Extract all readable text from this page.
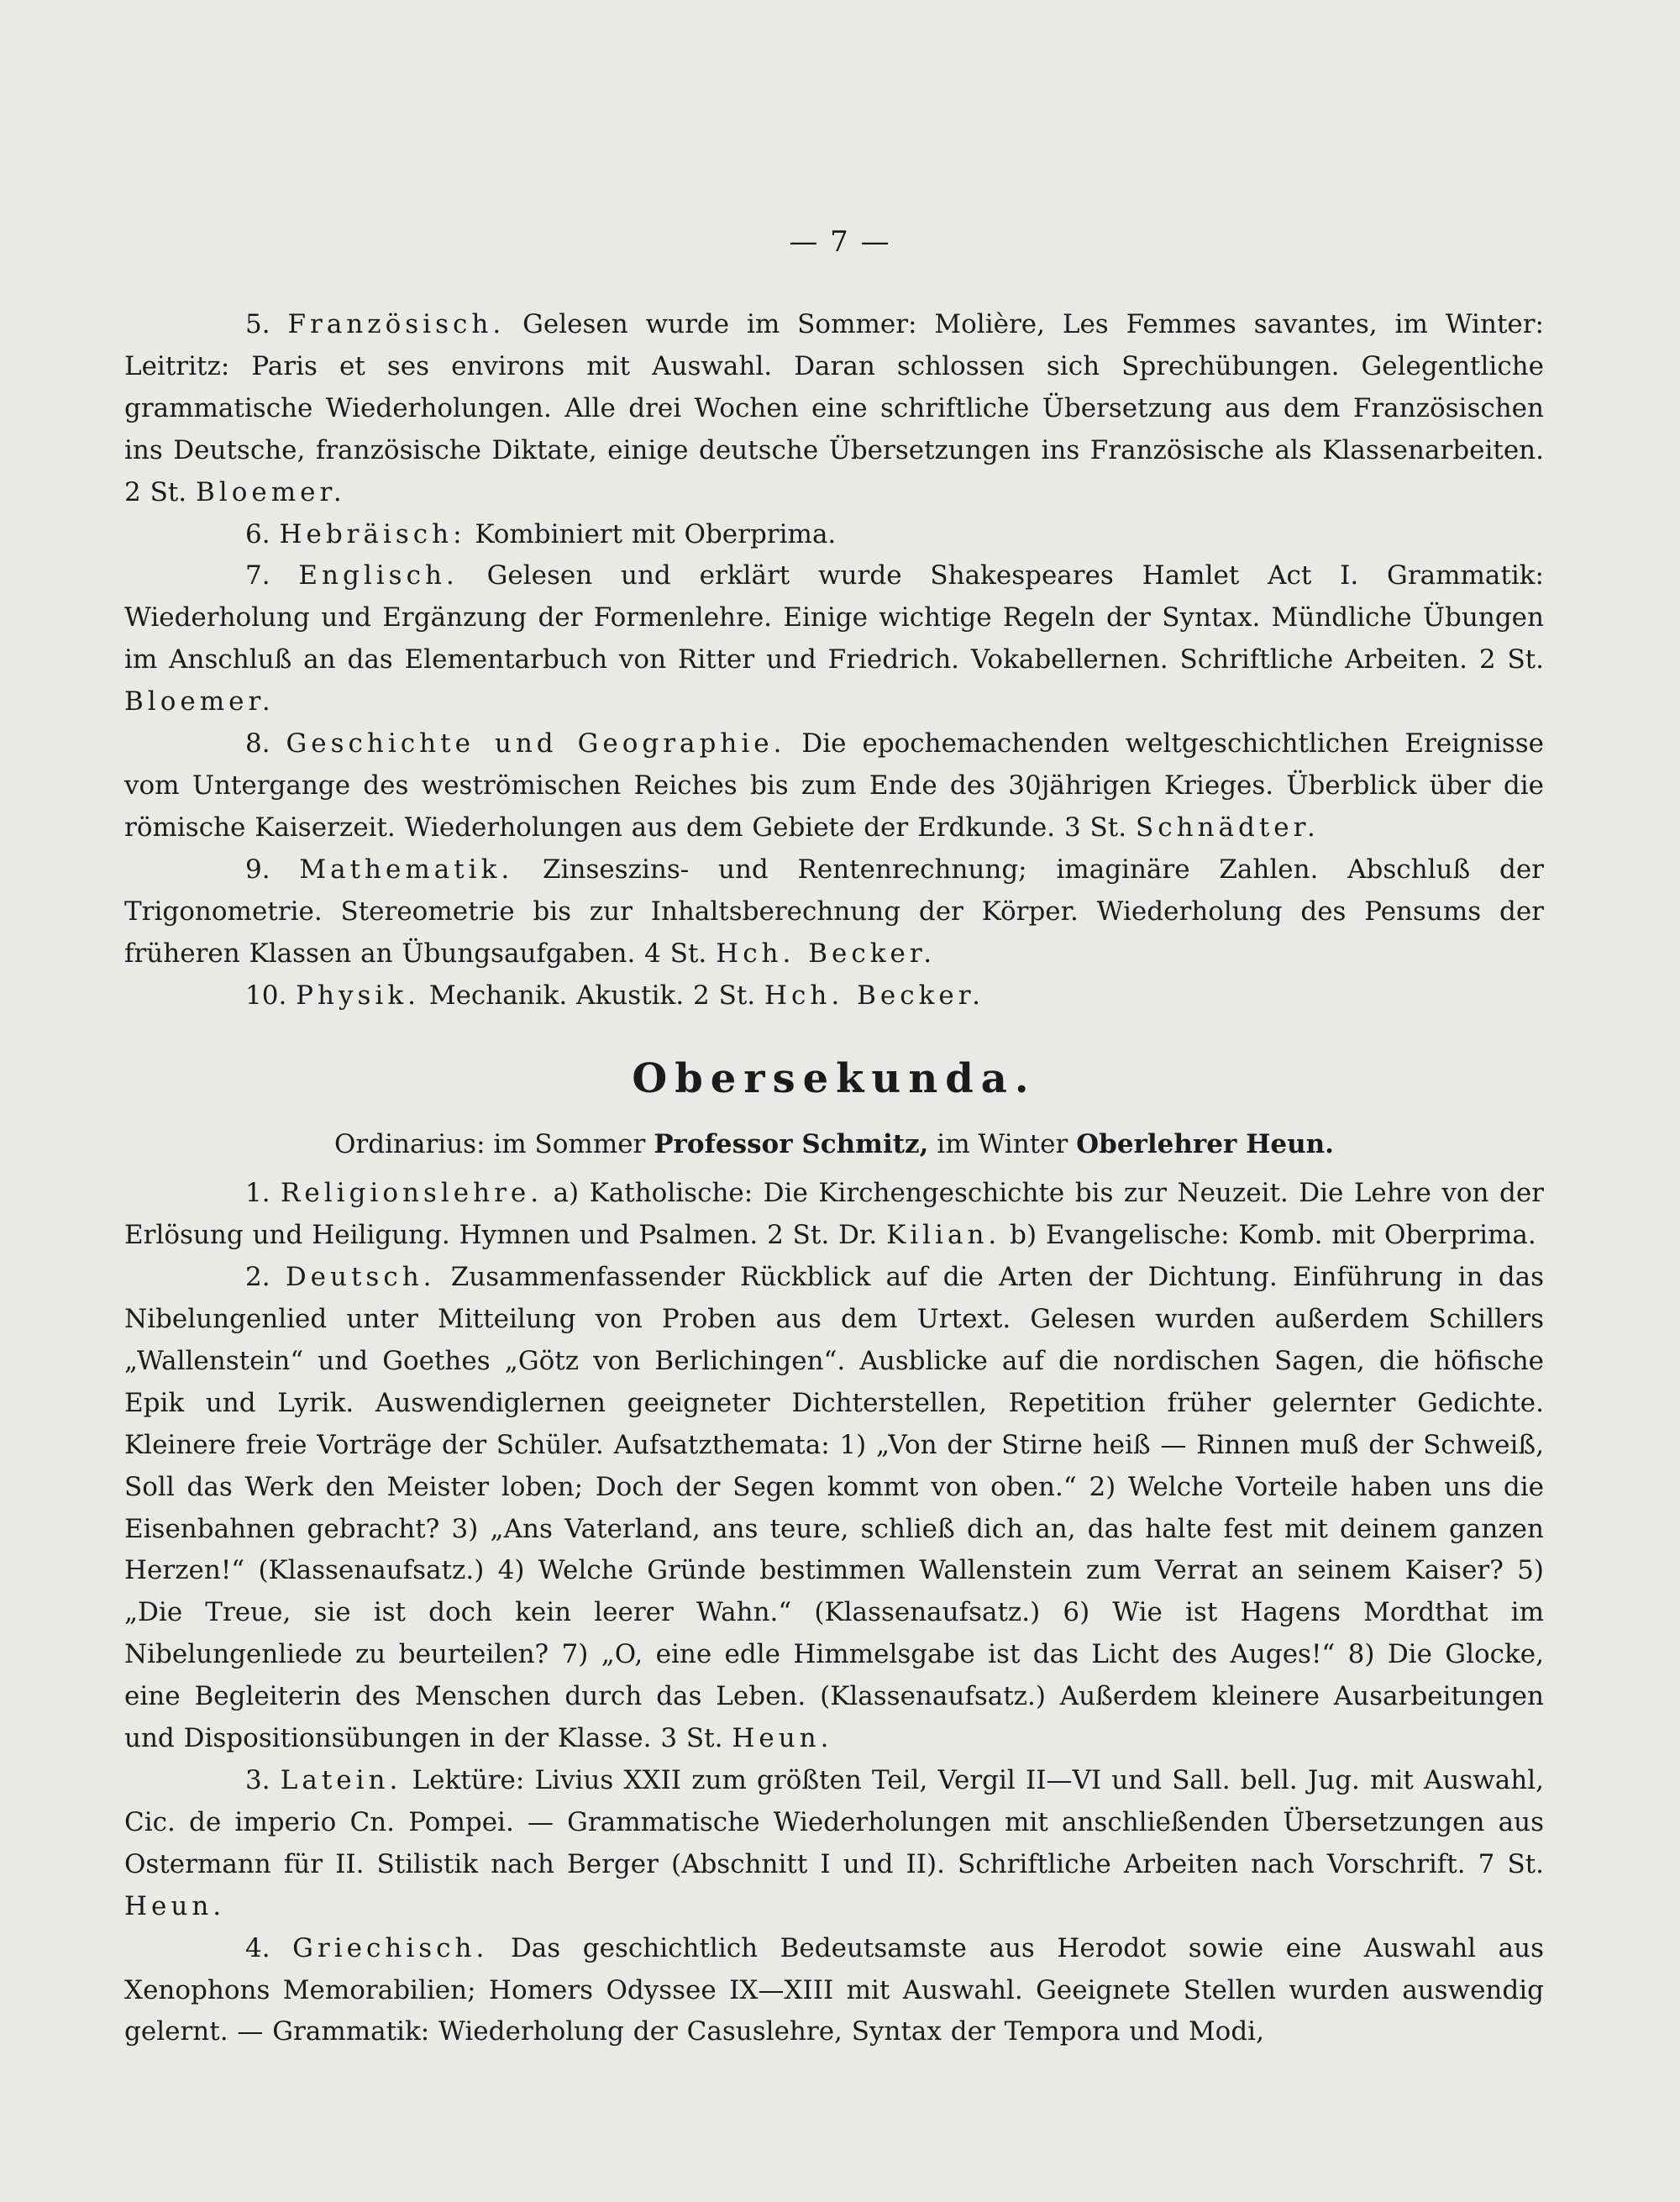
— 7 —

5. Französisch. Gelesen wurde im Sommer: Molière, Les Femmes savantes, im Winter: Leitritz: Paris et ses environs mit Auswahl. Daran schlossen sich Sprechübungen. Gelegentliche grammatische Wiederholungen. Alle drei Wochen eine schriftliche Übersetzung aus dem Französischen ins Deutsche, französische Diktate, einige deutsche Übersetzungen ins Französische als Klassenarbeiten. 2 St. Bloemer.

6. Hebräisch: Kombiniert mit Oberprima.

7. Englisch. Gelesen und erklärt wurde Shakespeares Hamlet Act I. Grammatik: Wiederholung und Ergänzung der Formenlehre. Einige wichtige Regeln der Syntax. Mündliche Übungen im Anschluß an das Elementarbuch von Ritter und Friedrich. Vokabellernen. Schriftliche Arbeiten. 2 St. Bloemer.

8. Geschichte und Geographie. Die epochemachenden weltgeschichtlichen Ereignisse vom Untergange des weströmischen Reiches bis zum Ende des 30jährigen Krieges. Überblick über die römische Kaiserzeit. Wiederholungen aus dem Gebiete der Erdkunde. 3 St. Schnädter.

9. Mathematik. Zinseszins- und Rentenrechnung; imaginäre Zahlen. Abschluß der Trigonometrie. Stereometrie bis zur Inhaltsberechnung der Körper. Wiederholung des Pensums der früheren Klassen an Übungsaufgaben. 4 St. Hch. Becker.

10. Physik. Mechanik. Akustik. 2 St. Hch. Becker.

Obersekunda.

Ordinarius: im Sommer Professor Schmitz, im Winter Oberlehrer Heun.

1. Religionslehre. a) Katholische: Die Kirchengeschichte bis zur Neuzeit. Die Lehre von der Erlösung und Heiligung. Hymnen und Psalmen. 2 St. Dr. Kilian. b) Evangelische: Komb. mit Oberprima.

2. Deutsch. Zusammenfassender Rückblick auf die Arten der Dichtung. Einführung in das Nibelungenlied unter Mitteilung von Proben aus dem Urtext. Gelesen wurden außerdem Schillers „Wallenstein“ und Goethes „Götz von Berlichingen“. Ausblicke auf die nordischen Sagen, die höfische Epik und Lyrik. Auswendiglernen geeigneter Dichterstellen, Repetition früher gelernter Gedichte. Kleinere freie Vorträge der Schüler. Aufsatzthemata: 1) „Von der Stirne heiß — Rinnen muß der Schweiß, Soll das Werk den Meister loben; Doch der Segen kommt von oben.“ 2) Welche Vorteile haben uns die Eisenbahnen gebracht? 3) „Ans Vaterland, ans teure, schließ dich an, das halte fest mit deinem ganzen Herzen!“ (Klassenaufsatz.) 4) Welche Gründe bestimmen Wallenstein zum Verrat an seinem Kaiser? 5) „Die Treue, sie ist doch kein leerer Wahn.“ (Klassenaufsatz.) 6) Wie ist Hagens Mordthat im Nibelungenliede zu beurteilen? 7) „O, eine edle Himmelsgabe ist das Licht des Auges!“ 8) Die Glocke, eine Begleiterin des Menschen durch das Leben. (Klassenaufsatz.) Außerdem kleinere Ausarbeitungen und Dispositionsübungen in der Klasse. 3 St. Heun.

3. Latein. Lektüre: Livius XXII zum größten Teil, Vergil II—VI und Sall. bell. Jug. mit Auswahl, Cic. de imperio Cn. Pompei. — Grammatische Wiederholungen mit anschließenden Übersetzungen aus Ostermann für II. Stilistik nach Berger (Abschnitt I und II). Schriftliche Arbeiten nach Vorschrift. 7 St. Heun.

4. Griechisch. Das geschichtlich Bedeutsamste aus Herodot sowie eine Auswahl aus Xenophons Memorabilien; Homers Odyssee IX—XIII mit Auswahl. Geeignete Stellen wurden auswendig gelernt. — Grammatik: Wiederholung der Casuslehre, Syntax der Tempora und Modi,
